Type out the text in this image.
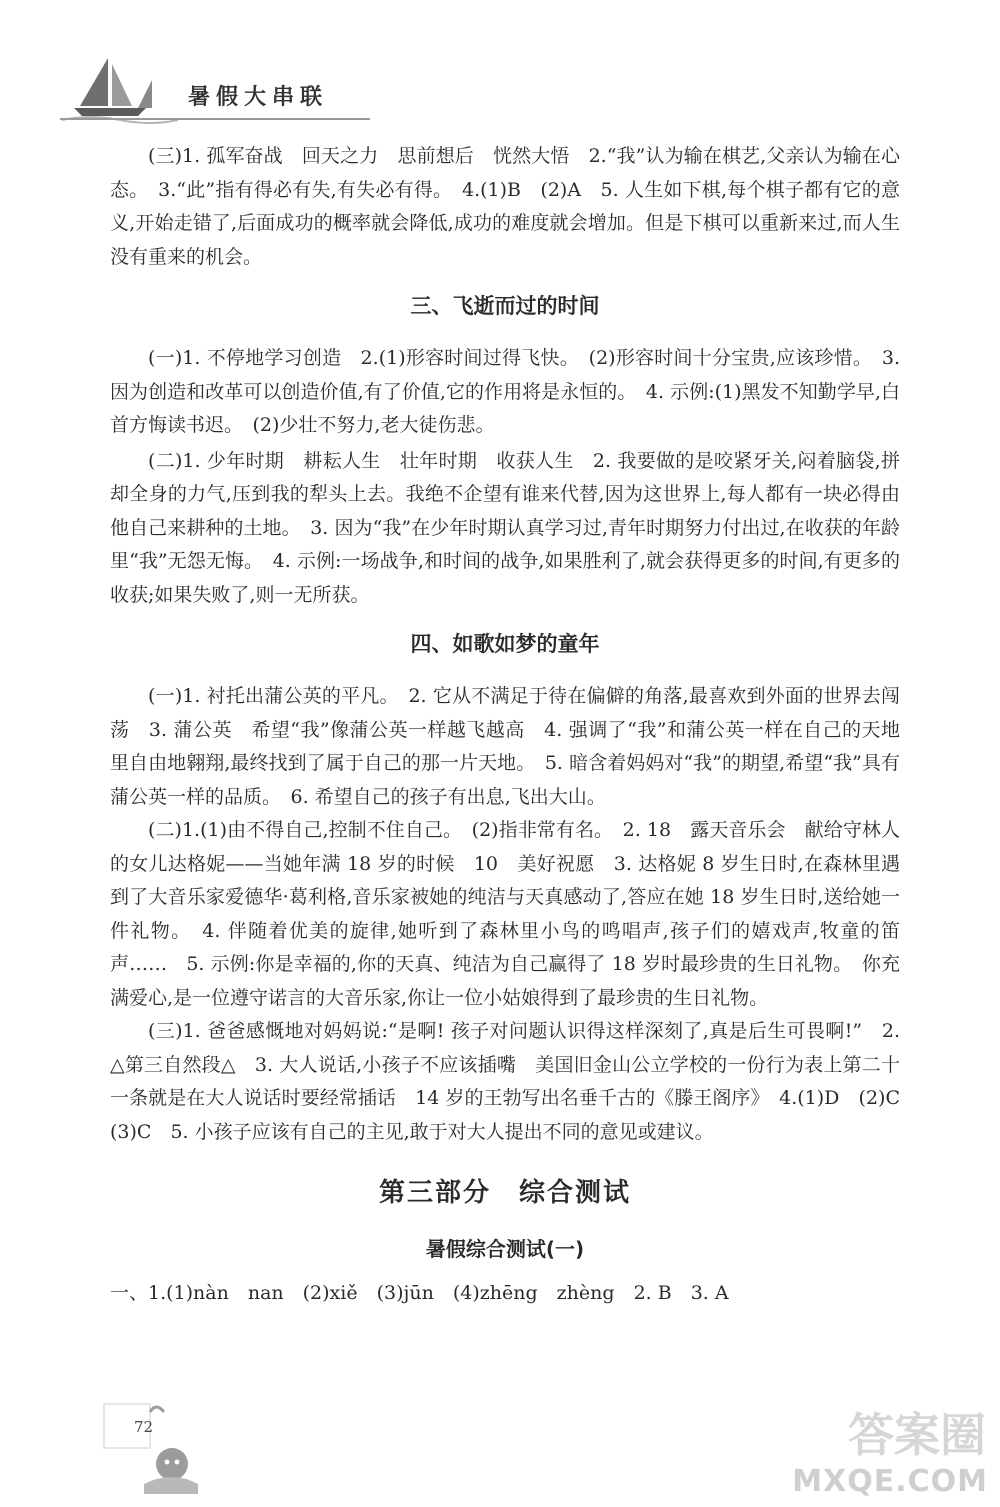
暑假大串联

(三)1. 孤军奋战　回天之力　思前想后　恍然大悟　2.“我”认为输在棋艺,父亲认为输在心态。　3.“此”指有得必有失,有失必有得。　4.(1)B　(2)A　5. 人生如下棋,每个棋子都有它的意义,开始走错了,后面成功的概率就会降低,成功的难度就会增加。但是下棋可以重新来过,而人生没有重来的机会。

三、飞逝而过的时间

(一)1. 不停地学习创造　2.(1)形容时间过得飞快。　(2)形容时间十分宝贵,应该珍惜。　3. 因为创造和改革可以创造价值,有了价值,它的作用将是永恒的。　4. 示例:(1)黑发不知勤学早,白首方悔读书迟。　(2)少壮不努力,老大徒伤悲。

(二)1. 少年时期　耕耘人生　壮年时期　收获人生　2. 我要做的是咬紧牙关,闷着脑袋,拼却全身的力气,压到我的犁头上去。我绝不企望有谁来代替,因为这世界上,每人都有一块必得由他自己来耕种的土地。　3. 因为“我”在少年时期认真学习过,青年时期努力付出过,在收获的年龄里“我”无怨无悔。　4. 示例:一场战争,和时间的战争,如果胜利了,就会获得更多的时间,有更多的收获;如果失败了,则一无所获。

四、如歌如梦的童年

(一)1. 衬托出蒲公英的平凡。　2. 它从不满足于待在偏僻的角落,最喜欢到外面的世界去闯荡　3. 蒲公英　希望“我”像蒲公英一样越飞越高　4. 强调了“我”和蒲公英一样在自己的天地里自由地翱翔,最终找到了属于自己的那一片天地。　5. 暗含着妈妈对“我”的期望,希望“我”具有蒲公英一样的品质。　6. 希望自己的孩子有出息,飞出大山。

(二)1.(1)由不得自己,控制不住自己。　(2)指非常有名。　2. 18　露天音乐会　献给守林人的女儿达格妮——当她年满 18 岁的时候　10　美好祝愿　3. 达格妮 8 岁生日时,在森林里遇到了大音乐家爱德华·葛利格,音乐家被她的纯洁与天真感动了,答应在她 18 岁生日时,送给她一件礼物。　4. 伴随着优美的旋律,她听到了森林里小鸟的鸣唱声,孩子们的嬉戏声,牧童的笛声……　5. 示例:你是幸福的,你的天真、纯洁为自己赢得了 18 岁时最珍贵的生日礼物。　你充满爱心,是一位遵守诺言的大音乐家,你让一位小姑娘得到了最珍贵的生日礼物。

(三)1. 爸爸感慨地对妈妈说:“是啊! 孩子对问题认识得这样深刻了,真是后生可畏啊!”　2. △第三自然段△　3. 大人说话,小孩子不应该插嘴　美国旧金山公立学校的一份行为表上第二十一条就是在大人说话时要经常插话　14 岁的王勃写出名垂千古的《滕王阁序》　4.(1)D　(2)C　(3)C　5. 小孩子应该有自己的主见,敢于对大人提出不同的意见或建议。

第三部分　综合测试
暑假综合测试(一)

一、1.(1)nàn　nan　(2)xiě　(3)jūn　(4)zhēng　zhèng　2. B　3. A

72	答案圈
MXQE.COM
